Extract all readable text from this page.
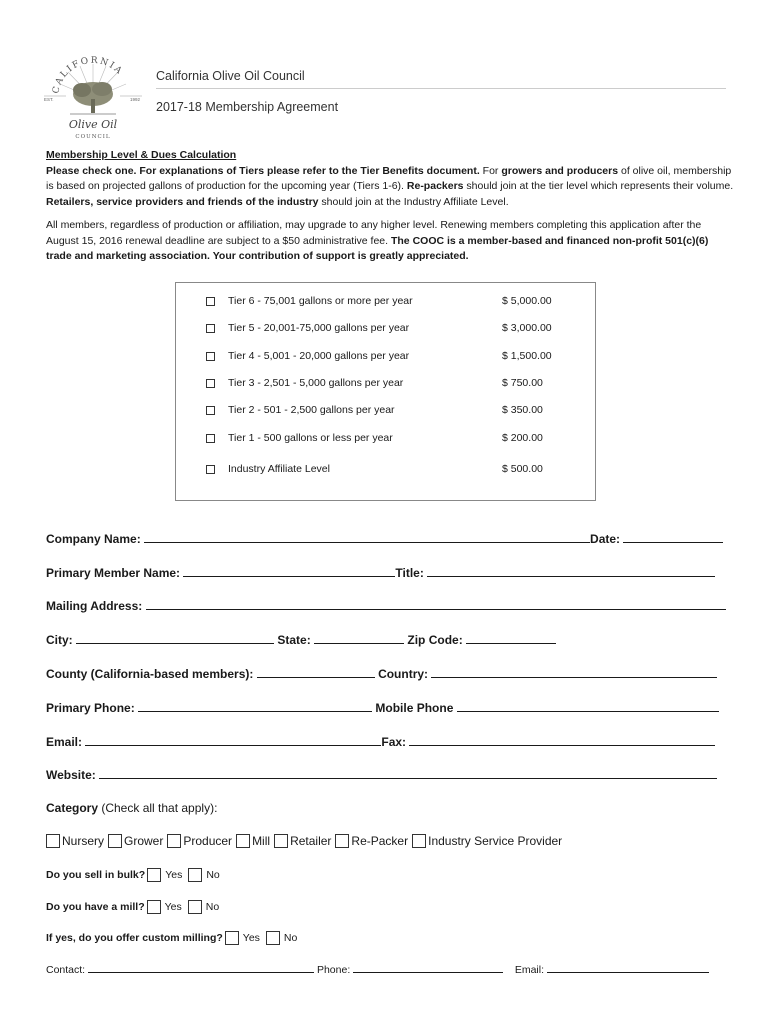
CALIFORNIA
EST.	1992
Olive Oil
COUNCIL
California Olive Oil Council
2017-18 Membership Agreement

Membership Level & Dues Calculation

Please check one. For explanations of Tiers please refer to the Tier Benefits document. For growers and producers of olive oil, membership is based on projected gallons of production for the upcoming year (Tiers 1-6). Re-packers should join at the tier level which represents their volume. Retailers, service providers and friends of the industry should join at the Industry Affiliate Level.

All members, regardless of production or affiliation, may upgrade to any higher level. Renewing members completing this application after the August 15, 2016 renewal deadline are subject to a $50 administrative fee. The COOC is a member-based and financed non-profit 501(c)(6) trade and marketing association. Your contribution of support is greatly appreciated.

Tier 6 - 75,001 gallons or more per year	$ 5,000.00
Tier 5 - 20,001-75,000 gallons per year	$ 3,000.00
Tier 4 - 5,001 - 20,000 gallons per year	$ 1,500.00
Tier 3 - 2,501 - 5,000 gallons per year	$ 750.00
Tier 2 - 501 - 2,500 gallons per year	$ 350.00
Tier 1 - 500 gallons or less per year	$ 200.00
Industry Affiliate Level	$ 500.00
Company Name:	Date:
Primary Member Name:	Title:
Mailing Address:
City:	State:	Zip Code:
County (California-based members):	Country:
Primary Phone:	Mobile Phone
Email:	Fax:
Website:
Category (Check all that apply):
Nursery Grower Producer Mill Retailer Re-Packer Industry Service Provider
Do you sell in bulk? Yes No
Do you have a mill? Yes No
If yes, do you offer custom milling? Yes No
Contact:	Phone:	Email:
